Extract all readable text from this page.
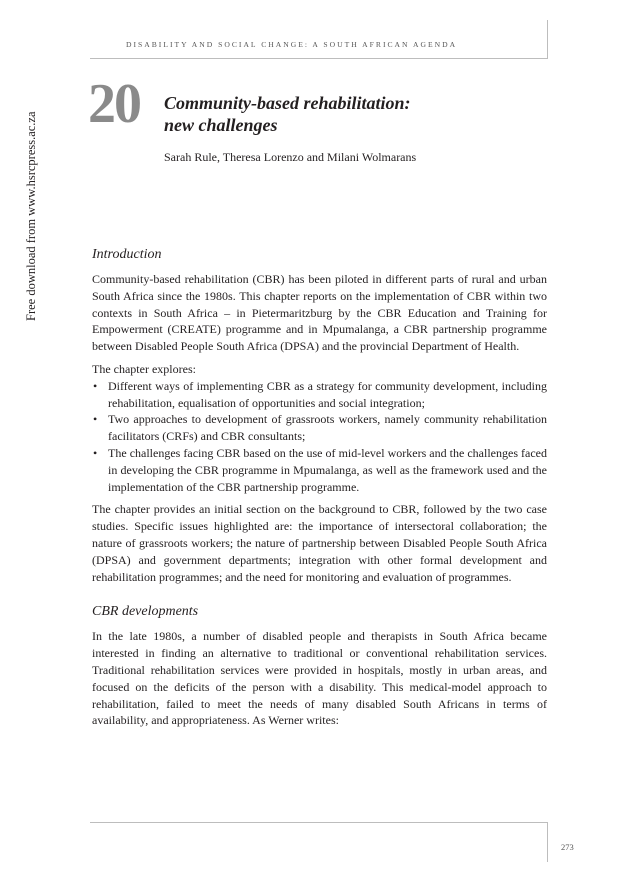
DISABILITY AND SOCIAL CHANGE: A SOUTH AFRICAN AGENDA
Free download from www.hsrcpress.ac.za
20 Community-based rehabilitation:
new challenges
Sarah Rule, Theresa Lorenzo and Milani Wolmarans
Introduction

Community-based rehabilitation (CBR) has been piloted in different parts of rural and urban South Africa since the 1980s. This chapter reports on the implementation of CBR within two contexts in South Africa – in Pietermaritzburg by the CBR Education and Training for Empowerment (CREATE) programme and in Mpumalanga, a CBR partnership programme between Disabled People South Africa (DPSA) and the provincial Department of Health.

The chapter explores:

• Different ways of implementing CBR as a strategy for community development, including rehabilitation, equalisation of opportunities and social integration;
• Two approaches to development of grassroots workers, namely community rehabilitation facilitators (CRFs) and CBR consultants;
• The challenges facing CBR based on the use of mid-level workers and the challenges faced in developing the CBR programme in Mpumalanga, as well as the framework used and the implementation of the CBR partnership programme.

The chapter provides an initial section on the background to CBR, followed by the two case studies. Specific issues highlighted are: the importance of intersectoral collaboration; the nature of grassroots workers; the nature of partnership between Disabled People South Africa (DPSA) and government departments; integration with other formal development and rehabilitation programmes; and the need for monitoring and evaluation of programmes.

CBR developments

In the late 1980s, a number of disabled people and therapists in South Africa became interested in finding an alternative to traditional or conventional rehabilitation services. Traditional rehabilitation services were provided in hospitals, mostly in urban areas, and focused on the deficits of the person with a disability. This medical-model approach to rehabilitation, failed to meet the needs of many disabled South Africans in terms of availability, and appropriateness. As Werner writes:

273
